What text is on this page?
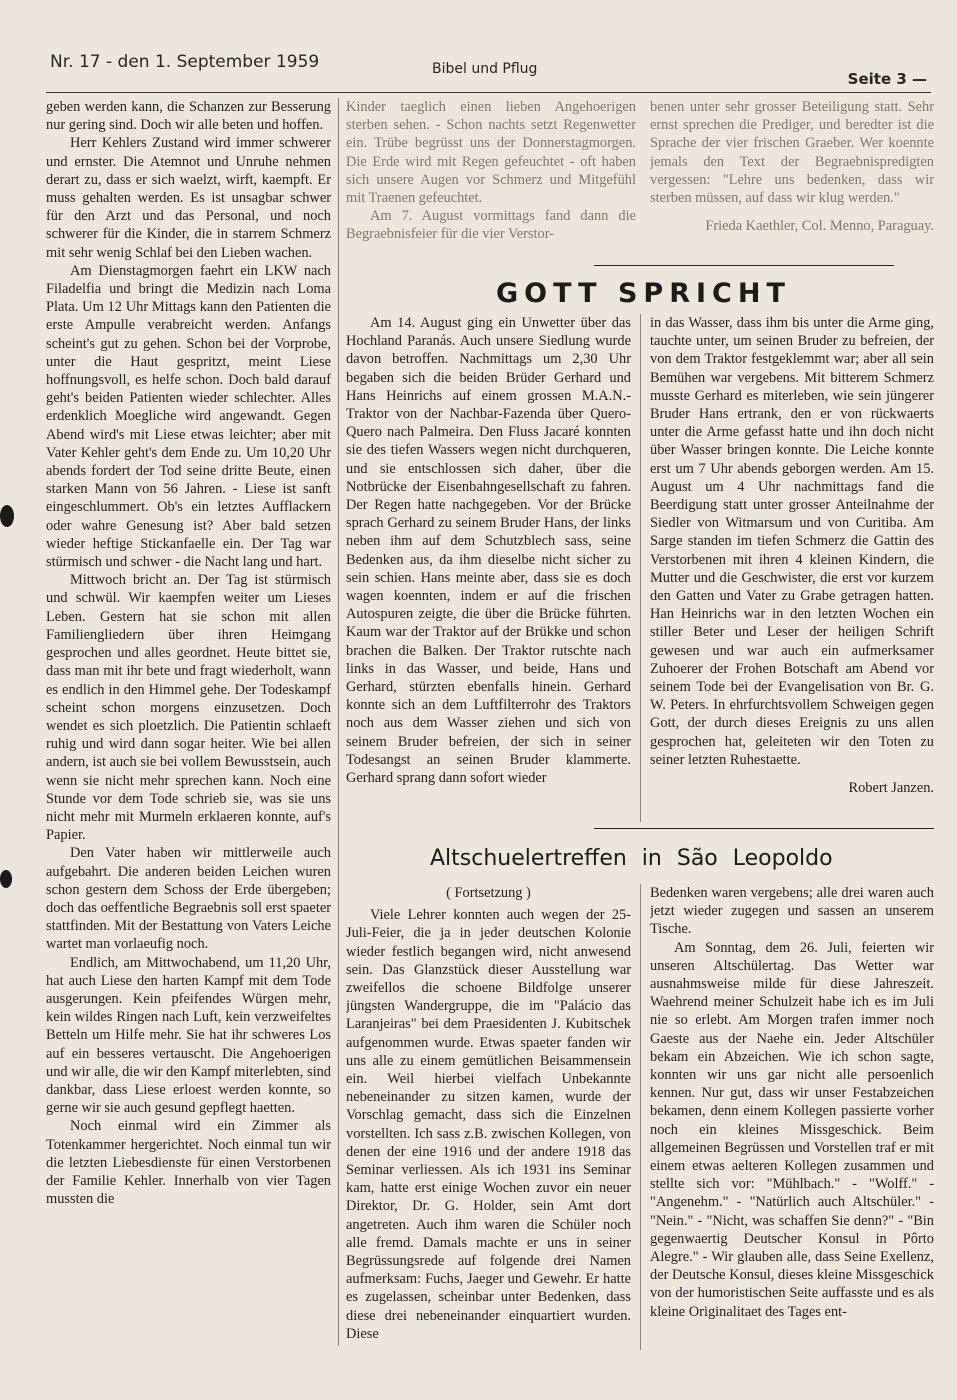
Nr. 17 - den 1. September 1959	Bibel und Pflug
Seite 3 —

geben werden kann, die Schanzen zur Besserung nur gering sind. Doch wir alle beten und hoffen.

Herr Kehlers Zustand wird immer schwerer und ernster. Die Atemnot und Unruhe nehmen derart zu, dass er sich waelzt, wirft, kaempft. Er muss gehalten werden. Es ist unsagbar schwer für den Arzt und das Personal, und noch schwerer für die Kinder, die in starrem Schmerz mit sehr wenig Schlaf bei den Lieben wachen.

Am Dienstagmorgen faehrt ein LKW nach Filadelfia und bringt die Medizin nach Loma Plata. Um 12 Uhr Mittags kann den Patienten die erste Ampulle verabreicht werden. Anfangs scheint's gut zu gehen. Schon bei der Vorprobe, unter die Haut gespritzt, meint Liese hoffnungsvoll, es helfe schon. Doch bald darauf geht's beiden Patienten wieder schlechter. Alles erdenklich Moegliche wird angewandt. Gegen Abend wird's mit Liese etwas leichter; aber mit Vater Kehler geht's dem Ende zu. Um 10,20 Uhr abends fordert der Tod seine dritte Beute, einen starken Mann von 56 Jahren. - Liese ist sanft eingeschlummert. Ob's ein letztes Aufflackern oder wahre Genesung ist? Aber bald setzen wieder heftige Stickanfaelle ein. Der Tag war stürmisch und schwer - die Nacht lang und hart.

Mittwoch bricht an. Der Tag ist stürmisch und schwül. Wir kaempfen weiter um Lieses Leben. Gestern hat sie schon mit allen Familiengliedern über ihren Heimgang gesprochen und alles geordnet. Heute bittet sie, dass man mit ihr bete und fragt wiederholt, wann es endlich in den Himmel gehe. Der Todeskampf scheint schon morgens einzusetzen. Doch wendet es sich ploetzlich. Die Patientin schlaeft ruhig und wird dann sogar heiter. Wie bei allen andern, ist auch sie bei vollem Bewusstsein, auch wenn sie nicht mehr sprechen kann. Noch eine Stunde vor dem Tode schrieb sie, was sie uns nicht mehr mit Murmeln erklaeren konnte, auf's Papier.

Den Vater haben wir mittlerweile auch aufgebahrt. Die anderen beiden Leichen wuren schon gestern dem Schoss der Erde übergeben; doch das oeffentliche Begraebnis soll erst spaeter stattfinden. Mit der Bestattung von Vaters Leiche wartet man vorlaeufig noch.

Endlich, am Mittwochabend, um 11,20 Uhr, hat auch Liese den harten Kampf mit dem Tode ausgerungen. Kein pfeifendes Würgen mehr, kein wildes Ringen nach Luft, kein verzweifeltes Betteln um Hilfe mehr. Sie hat ihr schweres Los auf ein besseres vertauscht. Die Angehoerigen und wir alle, die wir den Kampf miterlebten, sind dankbar, dass Liese erloest werden konnte, so gerne wir sie auch gesund gepflegt haetten.

Noch einmal wird ein Zimmer als Totenkammer hergerichtet. Noch einmal tun wir die letzten Liebesdienste für einen Verstorbenen der Familie Kehler. Innerhalb von vier Tagen mussten die

Kinder taeglich einen lieben Angehoerigen sterben sehen. - Schon nachts setzt Regenwetter ein. Trübe begrüsst uns der Donnerstagmorgen. Die Erde wird mit Regen gefeuchtet - oft haben sich unsere Augen vor Schmerz und Mitgefühl mit Traenen gefeuchtet.

Am 7. August vormittags fand dann die Begraebnisfeier für die vier Verstor-

benen unter sehr grosser Beteiligung statt. Sehr ernst sprechen die Prediger, und beredter ist die Sprache der vier frischen Graeber. Wer koennte jemals den Text der Begraebnispredigten vergessen: "Lehre uns bedenken, dass wir sterben müssen, auf dass wir klug werden."

Frieda Kaethler, Col. Menno, Paraguay.

GOTT SPRICHT

Am 14. August ging ein Unwetter über das Hochland Paranás. Auch unsere Siedlung wurde davon betroffen. Nachmittags um 2,30 Uhr begaben sich die beiden Brüder Gerhard und Hans Heinrichs auf einem grossen M.A.N.-Traktor von der Nachbar-Fazenda über Quero-Quero nach Palmeira. Den Fluss Jacaré konnten sie des tiefen Wassers wegen nicht durchqueren, und sie entschlossen sich daher, über die Notbrücke der Eisenbahngesellschaft zu fahren. Der Regen hatte nachgegeben. Vor der Brücke sprach Gerhard zu seinem Bruder Hans, der links neben ihm auf dem Schutzblech sass, seine Bedenken aus, da ihm dieselbe nicht sicher zu sein schien. Hans meinte aber, dass sie es doch wagen koennten, indem er auf die frischen Autospuren zeigte, die über die Brücke führten. Kaum war der Traktor auf der Brükke und schon brachen die Balken. Der Traktor rutschte nach links in das Wasser, und beide, Hans und Gerhard, stürzten ebenfalls hinein. Gerhard konnte sich an dem Luftfilterrohr des Traktors noch aus dem Wasser ziehen und sich von seinem Bruder befreien, der sich in seiner Todesangst an seinen Bruder klammerte. Gerhard sprang dann sofort wieder

in das Wasser, dass ihm bis unter die Arme ging, tauchte unter, um seinen Bruder zu befreien, der von dem Traktor festgeklemmt war; aber all sein Bemühen war vergebens. Mit bitterem Schmerz musste Gerhard es miterleben, wie sein jüngerer Bruder Hans ertrank, den er von rückwaerts unter die Arme gefasst hatte und ihn doch nicht über Wasser bringen konnte. Die Leiche konnte erst um 7 Uhr abends geborgen werden. Am 15. August um 4 Uhr nachmittags fand die Beerdigung statt unter grosser Anteilnahme der Siedler von Witmarsum und von Curitiba. Am Sarge standen im tiefen Schmerz die Gattin des Verstorbenen mit ihren 4 kleinen Kindern, die Mutter und die Geschwister, die erst vor kurzem den Gatten und Vater zu Grabe getragen hatten. Han Heinrichs war in den letzten Wochen ein stiller Beter und Leser der heiligen Schrift gewesen und war auch ein aufmerksamer Zuhoerer der Frohen Botschaft am Abend vor seinem Tode bei der Evangelisation von Br. G. W. Peters. In ehrfurchtsvollem Schweigen gegen Gott, der durch dieses Ereignis zu uns allen gesprochen hat, geleiteten wir den Toten zu seiner letzten Ruhestaette.

Robert Janzen.

Altschuelertreffen in São Leopoldo

( Fortsetzung )

Viele Lehrer konnten auch wegen der 25-Juli-Feier, die ja in jeder deutschen Kolonie wieder festlich begangen wird, nicht anwesend sein. Das Glanzstück dieser Ausstellung war zweifellos die schoene Bildfolge unserer jüngsten Wandergruppe, die im "Palácio das Laranjeiras" bei dem Praesidenten J. Kubitschek aufgenommen wurde. Etwas spaeter fanden wir uns alle zu einem gemütlichen Beisammensein ein. Weil hierbei vielfach Unbekannte nebeneinander zu sitzen kamen, wurde der Vorschlag gemacht, dass sich die Einzelnen vorstellten. Ich sass z.B. zwischen Kollegen, von denen der eine 1916 und der andere 1918 das Seminar verliessen. Als ich 1931 ins Seminar kam, hatte erst einige Wochen zuvor ein neuer Direktor, Dr. G. Holder, sein Amt dort angetreten. Auch ihm waren die Schüler noch alle fremd. Damals machte er uns in seiner Begrüssungsrede auf folgende drei Namen aufmerksam: Fuchs, Jaeger und Gewehr. Er hatte es zugelassen, scheinbar unter Bedenken, dass diese drei nebeneinander einquartiert wurden. Diese

Bedenken waren vergebens; alle drei waren auch jetzt wieder zugegen und sassen an unserem Tische.

Am Sonntag, dem 26. Juli, feierten wir unseren Altschülertag. Das Wetter war ausnahmsweise milde für diese Jahreszeit. Waehrend meiner Schulzeit habe ich es im Juli nie so erlebt. Am Morgen trafen immer noch Gaeste aus der Naehe ein. Jeder Altschüler bekam ein Abzeichen. Wie ich schon sagte, konnten wir uns gar nicht alle persoenlich kennen. Nur gut, dass wir unser Festabzeichen bekamen, denn einem Kollegen passierte vorher noch ein kleines Missgeschick. Beim allgemeinen Begrüssen und Vorstellen traf er mit einem etwas aelteren Kollegen zusammen und stellte sich vor: "Mühlbach." - "Wolff." - "Angenehm." - "Natürlich auch Altschüler." - "Nein." - "Nicht, was schaffen Sie denn?" - "Bin gegenwaertig Deutscher Konsul in Pôrto Alegre." - Wir glauben alle, dass Seine Exellenz, der Deutsche Konsul, dieses kleine Missgeschick von der humoristischen Seite auffasste und es als kleine Originalitaet des Tages ent-
